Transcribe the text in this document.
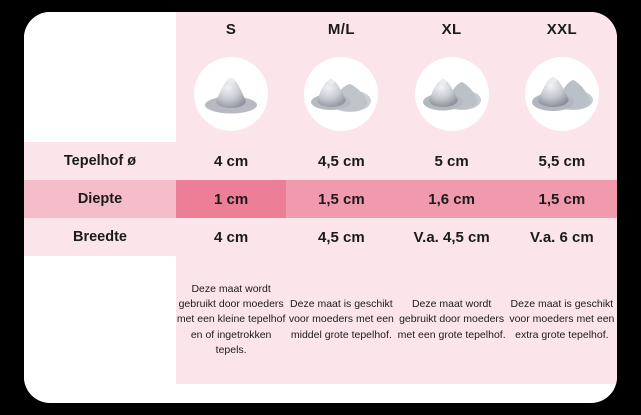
	S	M/L	XL	XXL

Tepelhof ø	4 cm	4,5 cm	5 cm	5,5 cm
Diepte	1 cm	1,5 cm	1,6 cm	1,5 cm
Breedte	4 cm	4,5 cm	V.a. 4,5 cm	V.a. 6 cm
	Deze maat wordt gebruikt door moeders met een kleine tepelhof en of ingetrokken tepels.	Deze maat is geschikt voor moeders met een middel grote tepelhof.	Deze maat wordt gebruikt door moeders met een grote tepelhof.	Deze maat is geschikt voor moeders met een extra grote tepelhof.
